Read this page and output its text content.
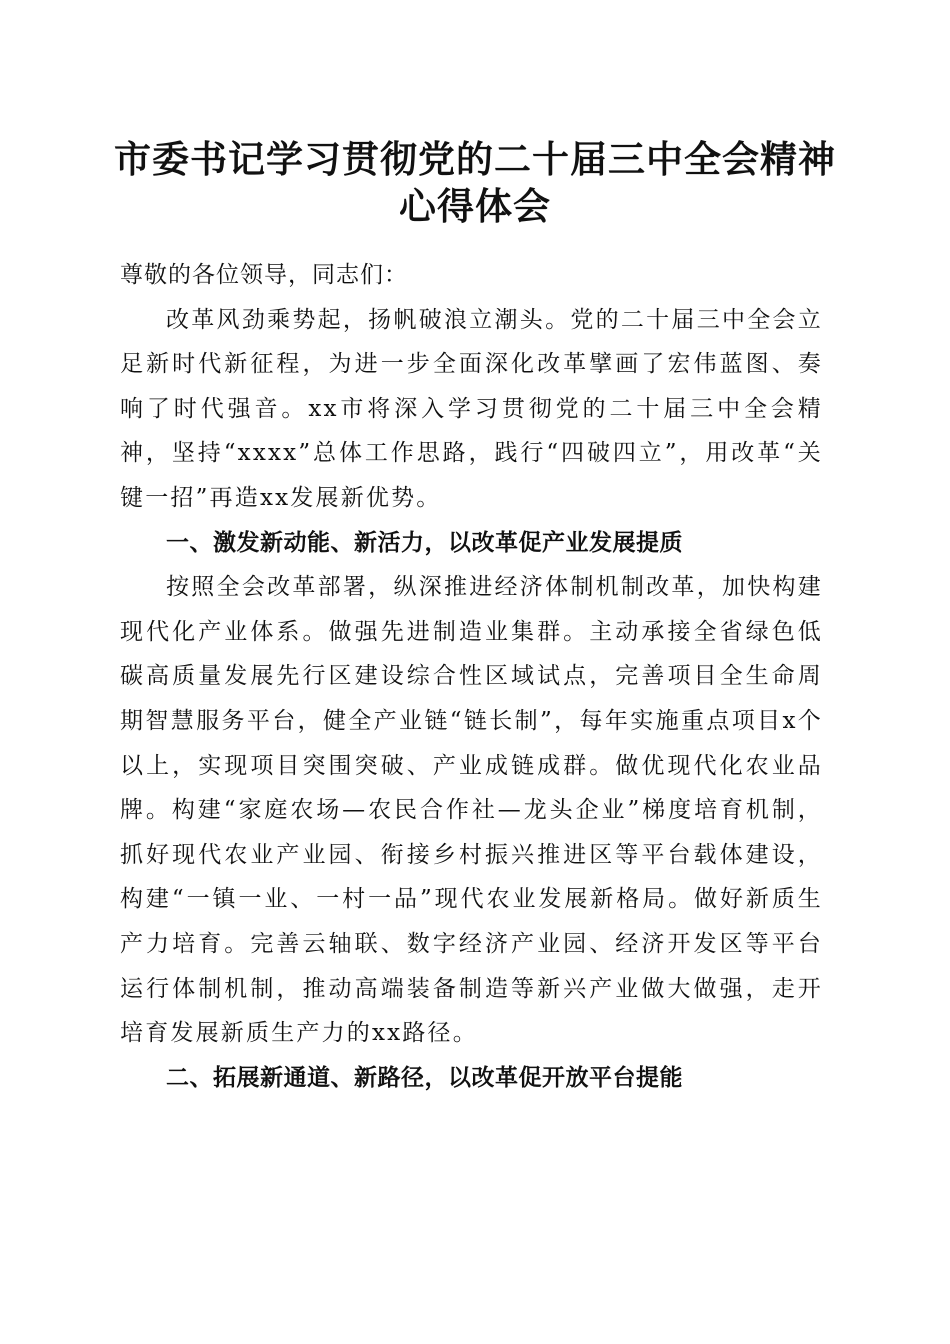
市委书记学习贯彻党的二十届三中全会精神心得体会

尊敬的各位领导，同志们：

改革风劲乘势起，扬帆破浪立潮头。党的二十届三中全会立足新时代新征程，为进一步全面深化改革擘画了宏伟蓝图、奏响了时代强音。xx市将深入学习贯彻党的二十届三中全会精神，坚持“xxxx”总体工作思路，践行“四破四立”，用改革“关键一招”再造xx发展新优势。

一、激发新动能、新活力，以改革促产业发展提质

按照全会改革部署，纵深推进经济体制机制改革，加快构建现代化产业体系。做强先进制造业集群。主动承接全省绿色低碳高质量发展先行区建设综合性区域试点，完善项目全生命周期智慧服务平台，健全产业链“链长制”，每年实施重点项目x个以上，实现项目突围突破、产业成链成群。做优现代化农业品牌。构建“家庭农场—农民合作社—龙头企业”梯度培育机制，抓好现代农业产业园、衔接乡村振兴推进区等平台载体建设，构建“一镇一业、一村一品”现代农业发展新格局。做好新质生产力培育。完善云轴联、数字经济产业园、经济开发区等平台运行体制机制，推动高端装备制造等新兴产业做大做强，走开培育发展新质生产力的xx路径。

二、拓展新通道、新路径，以改革促开放平台提能
